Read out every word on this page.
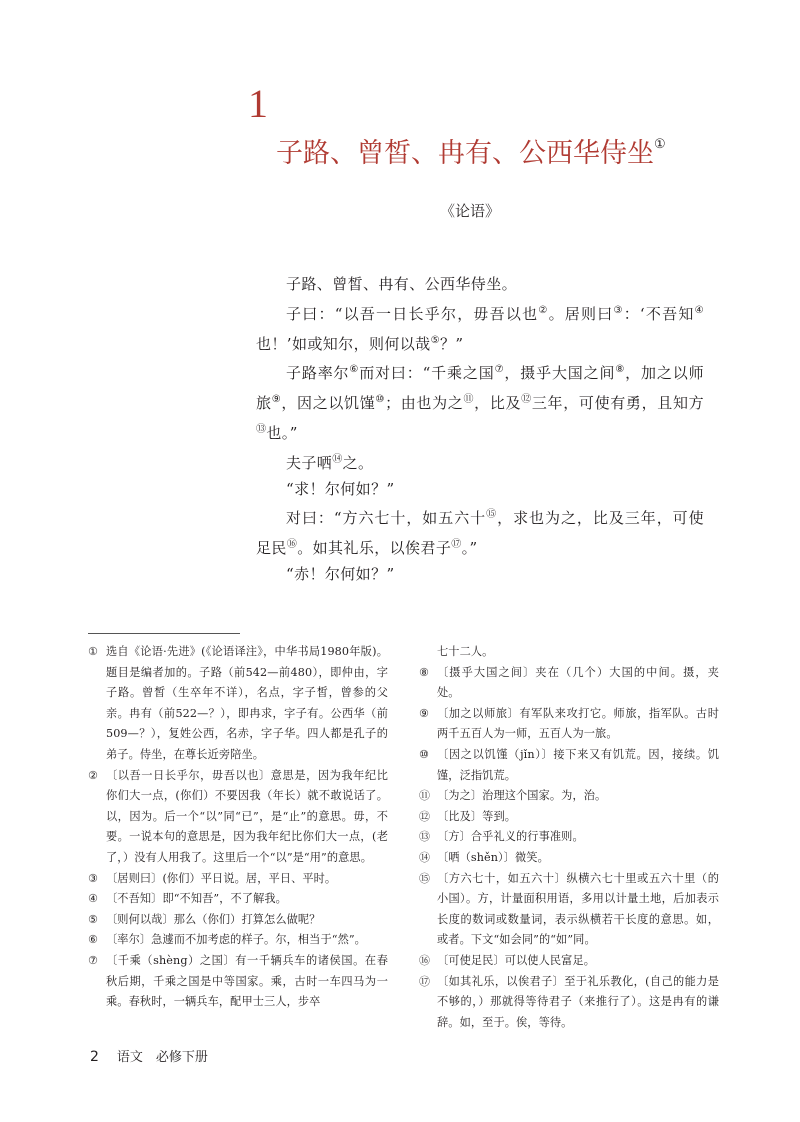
1
子路、曾皙、冉有、公西华侍坐①
《论语》

子路、曾皙、冉有、公西华侍坐。

子曰：“以吾一日长乎尔，毋吾以也②。居则曰③：‘不吾知④也！’如或知尔，则何以哉⑤？”

子路率尔⑥而对曰：“千乘之国⑦，摄乎大国之间⑧，加之以师旅⑨，因之以饥馑⑩；由也为之⑪，比及⑫三年，可使有勇，且知方⑬也。”

夫子哂⑭之。

“求！尔何如？”

对曰：“方六七十，如五六十⑮，求也为之，比及三年，可使足民⑯。如其礼乐，以俟君子⑰。”

“赤！尔何如？”

① 选自《论语·先进》(《论语译注》，中华书局1980年版)。题目是编者加的。子路（前542—前480），即仲由，字子路。曾皙（生卒年不详），名点，字子皙，曾参的父亲。冉有（前522—？），即冉求，字子有。公西华（前509—？），复姓公西，名赤，字子华。四人都是孔子的弟子。侍坐，在尊长近旁陪坐。
② 〔以吾一日长乎尔，毋吾以也〕意思是，因为我年纪比你们大一点，(你们）不要因我（年长）就不敢说话了。以，因为。后一个“以”同“已”，是“止”的意思。毋，不要。一说本句的意思是，因为我年纪比你们大一点，(老了，）没有人用我了。这里后一个“以”是“用”的意思。
③ 〔居则曰〕(你们）平日说。居，平日、平时。
④ 〔不吾知〕即“不知吾”，不了解我。
⑤ 〔则何以哉〕那么（你们）打算怎么做呢？
⑥ 〔率尔〕急遽而不加考虑的样子。尔，相当于“然”。
⑦ 〔千乘（shèng）之国〕有一千辆兵车的诸侯国。在春秋后期，千乘之国是中等国家。乘，古时一车四马为一乘。春秋时，一辆兵车，配甲士三人，步卒
七十二人。
⑧ 〔摄乎大国之间〕夹在（几个）大国的中间。摄，夹处。
⑨ 〔加之以师旅〕有军队来攻打它。师旅，指军队。古时两千五百人为一师，五百人为一旅。
⑩ 〔因之以饥馑（jǐn）〕接下来又有饥荒。因，接续。饥馑，泛指饥荒。
⑪ 〔为之〕治理这个国家。为，治。
⑫ 〔比及〕等到。
⑬ 〔方〕合乎礼义的行事准则。
⑭ 〔哂（shěn）〕微笑。
⑮ 〔方六七十，如五六十〕纵横六七十里或五六十里（的小国）。方，计量面积用语，多用以计量土地，后加表示长度的数词或数量词，表示纵横若干长度的意思。如，或者。下文“如会同”的“如”同。
⑯ 〔可使足民〕可以使人民富足。
⑰ 〔如其礼乐，以俟君子〕至于礼乐教化，(自己的能力是不够的，）那就得等待君子（来推行了）。这是冉有的谦辞。如，至于。俟，等待。
2 语文　必修下册
